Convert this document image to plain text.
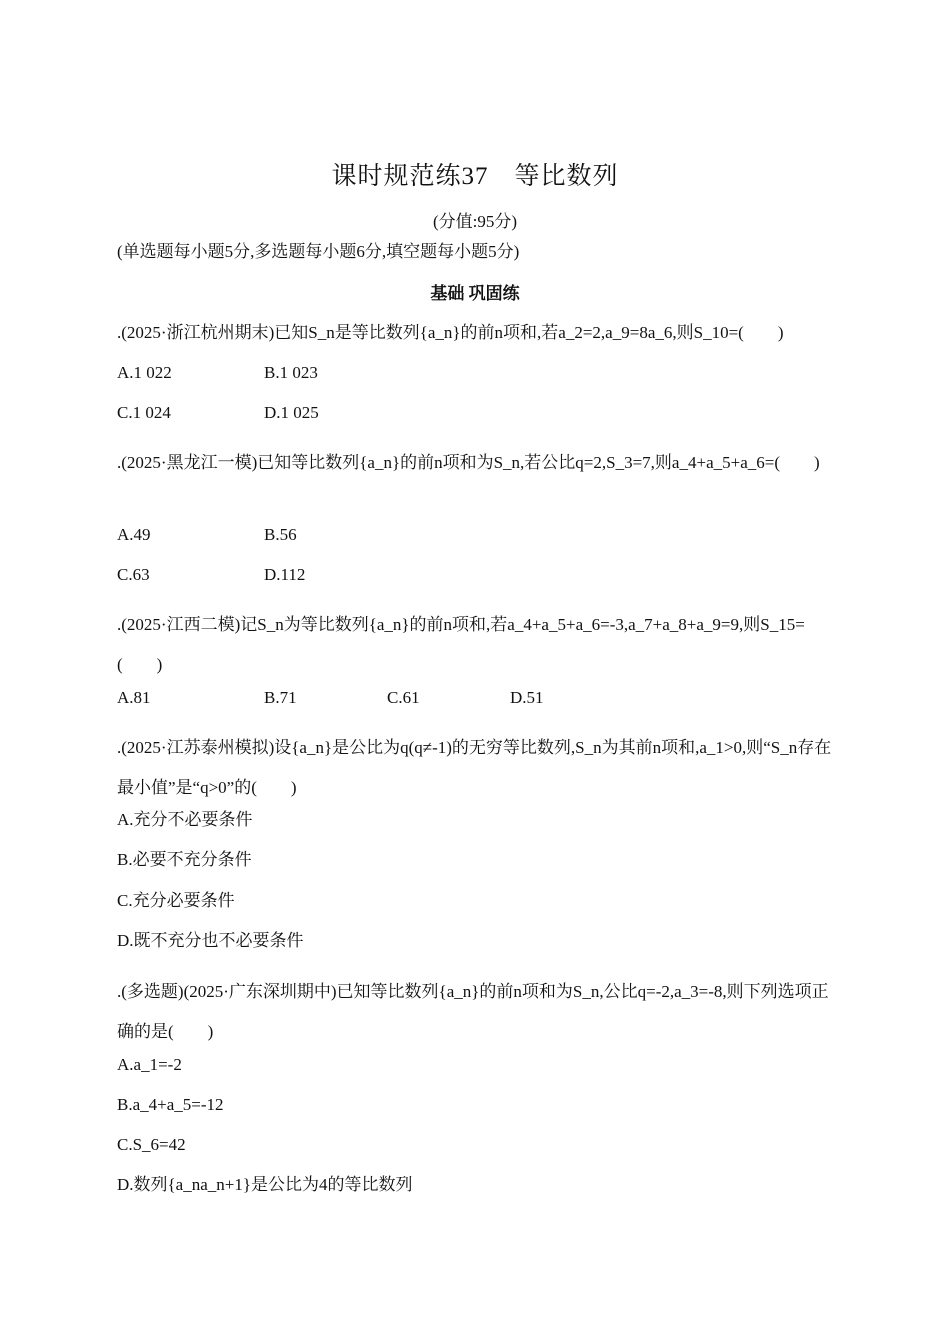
课时规范练37　等比数列
(分值:95分)
(单选题每小题5分,多选题每小题6分,填空题每小题5分)
基础 巩固练
.(2025·浙江杭州期末)已知S_n是等比数列{a_n}的前n项和,若a_2=2,a_9=8a_6,则S_10=(　　)
A.1 022	B.1 023
C.1 024	D.1 025
.(2025·黑龙江一模)已知等比数列{a_n}的前n项和为S_n,若公比q=2,S_3=7,则a_4+a_5+a_6=(　　)
A.49	B.56
C.63	D.112
.(2025·江西二模)记S_n为等比数列{a_n}的前n项和,若a_4+a_5+a_6=-3,a_7+a_8+a_9=9,则S_15=(　　)
A.81	B.71	C.61	D.51
.(2025·江苏泰州模拟)设{a_n}是公比为q(q≠-1)的无穷等比数列,S_n为其前n项和,a_1>0,则“S_n存在最小值”是“q>0”的(　　)
A.充分不必要条件
B.必要不充分条件
C.充分必要条件
D.既不充分也不必要条件
.(多选题)(2025·广东深圳期中)已知等比数列{a_n}的前n项和为S_n,公比q=-2,a_3=-8,则下列选项正确的是(　　)
A.a_1=-2
B.a_4+a_5=-12
C.S_6=42
D.数列{a_na_n+1}是公比为4的等比数列
